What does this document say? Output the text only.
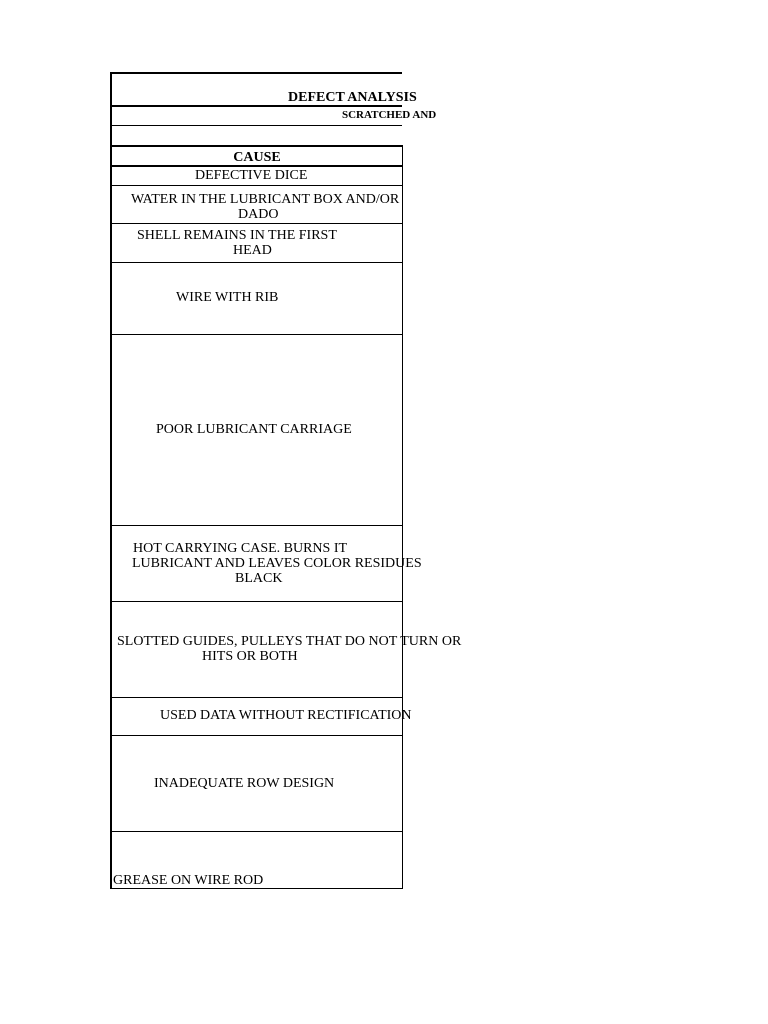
DEFECT ANALYSIS
SCRATCHED AND
CAUSE
DEFECTIVE DICE
WATER IN THE LUBRICANT BOX AND/OR
DADO
SHELL REMAINS IN THE FIRST
HEAD
WIRE WITH RIB
POOR LUBRICANT CARRIAGE
HOT CARRYING CASE. BURNS IT
LUBRICANT AND LEAVES COLOR RESIDUES
BLACK
SLOTTED GUIDES, PULLEYS THAT DO NOT TURN OR
HITS OR BOTH
USED DATA WITHOUT RECTIFICATION
INADEQUATE ROW DESIGN
GREASE ON WIRE ROD
